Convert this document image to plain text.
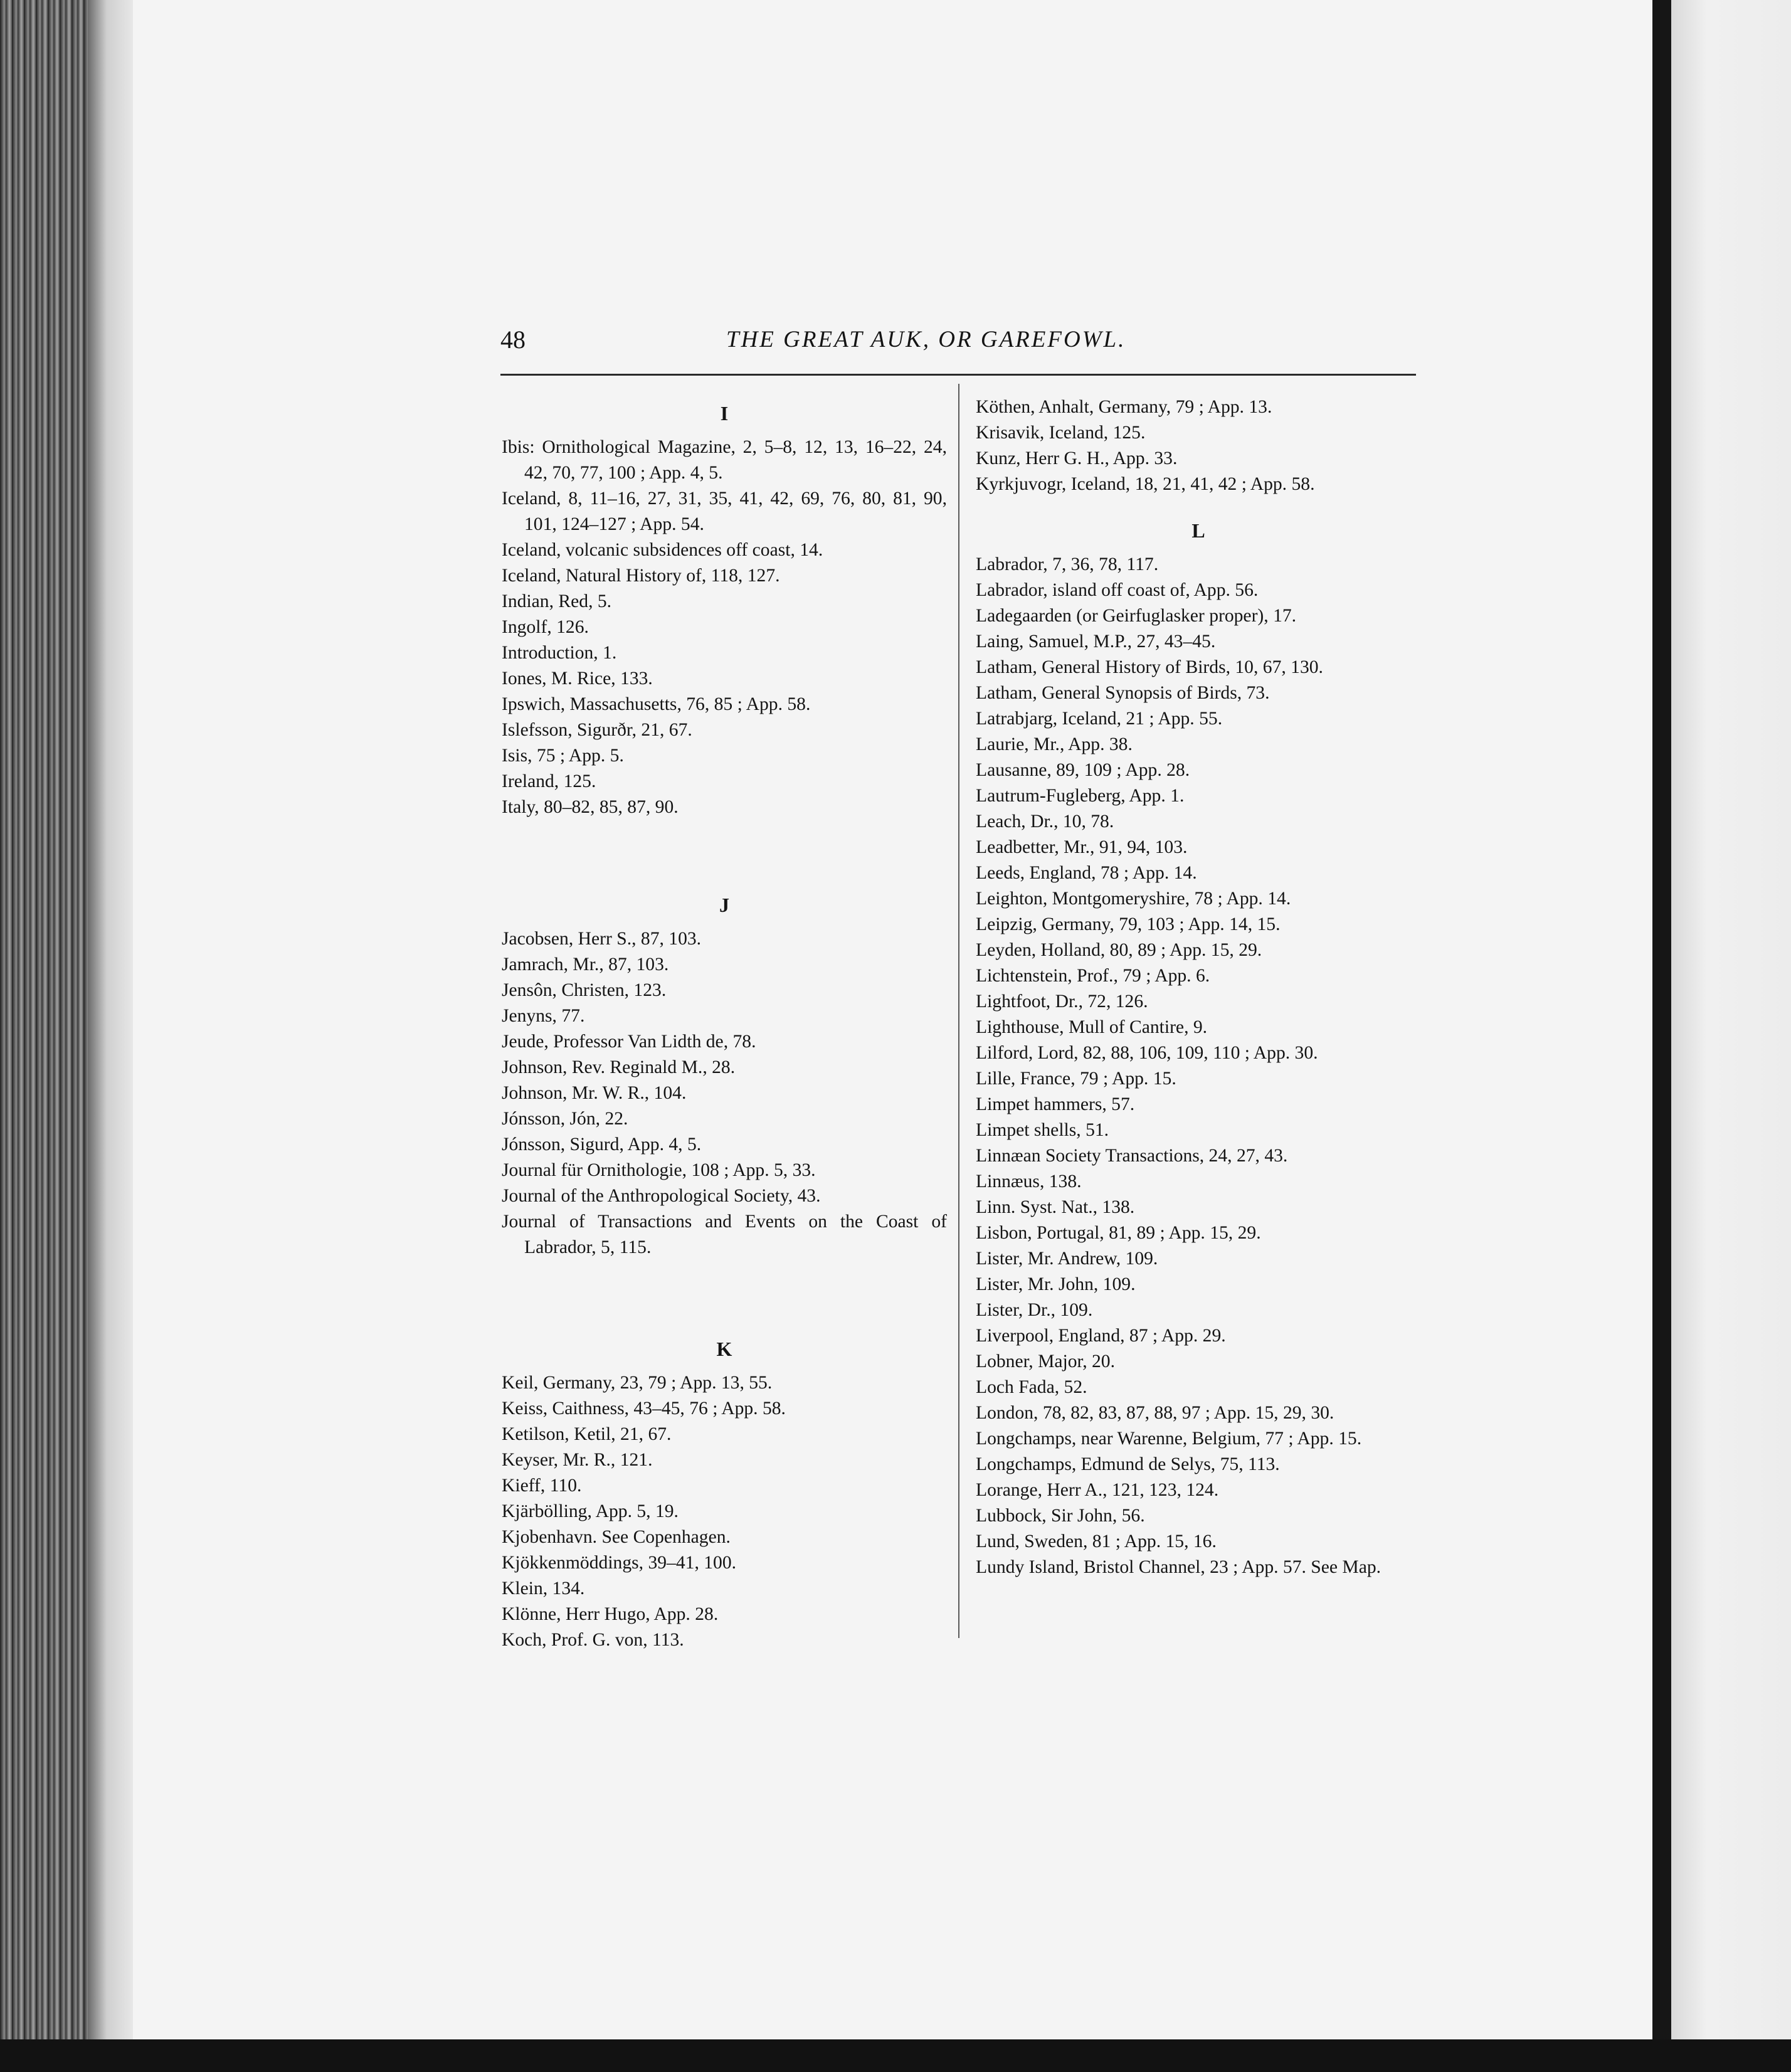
48	THE GREAT AUK, OR GAREFOWL.
I
Ibis: Ornithological Magazine, 2, 5–8, 12, 13, 16–22, 24, 42, 70, 77, 100 ; App. 4, 5.
Iceland, 8, 11–16, 27, 31, 35, 41, 42, 69, 76, 80, 81, 90, 101, 124–127 ; App. 54.
Iceland, volcanic subsidences off coast, 14.
Iceland, Natural History of, 118, 127.
Indian, Red, 5.
Ingolf, 126.
Introduction, 1.
Iones, M. Rice, 133.
Ipswich, Massachusetts, 76, 85 ; App. 58.
Islefsson, Sigurðr, 21, 67.
Isis, 75 ; App. 5.
Ireland, 125.
Italy, 80–82, 85, 87, 90.
J
Jacobsen, Herr S., 87, 103.
Jamrach, Mr., 87, 103.
Jensôn, Christen, 123.
Jenyns, 77.
Jeude, Professor Van Lidth de, 78.
Johnson, Rev. Reginald M., 28.
Johnson, Mr. W. R., 104.
Jónsson, Jón, 22.
Jónsson, Sigurd, App. 4, 5.
Journal für Ornithologie, 108 ; App. 5, 33.
Journal of the Anthropological Society, 43.
Journal of Transactions and Events on the Coast of Labrador, 5, 115.
K
Keil, Germany, 23, 79 ; App. 13, 55.
Keiss, Caithness, 43–45, 76 ; App. 58.
Ketilson, Ketil, 21, 67.
Keyser, Mr. R., 121.
Kieff, 110.
Kjärbölling, App. 5, 19.
Kjobenhavn. See Copenhagen.
Kjökkenmöddings, 39–41, 100.
Klein, 134.
Klönne, Herr Hugo, App. 28.
Koch, Prof. G. von, 113.
Köthen, Anhalt, Germany, 79 ; App. 13.
Krisavik, Iceland, 125.
Kunz, Herr G. H., App. 33.
Kyrkjuvogr, Iceland, 18, 21, 41, 42 ; App. 58.
L
Labrador, 7, 36, 78, 117.
Labrador, island off coast of, App. 56.
Ladegaarden (or Geirfuglasker proper), 17.
Laing, Samuel, M.P., 27, 43–45.
Latham, General History of Birds, 10, 67, 130.
Latham, General Synopsis of Birds, 73.
Latrabjarg, Iceland, 21 ; App. 55.
Laurie, Mr., App. 38.
Lausanne, 89, 109 ; App. 28.
Lautrum-Fugleberg, App. 1.
Leach, Dr., 10, 78.
Leadbetter, Mr., 91, 94, 103.
Leeds, England, 78 ; App. 14.
Leighton, Montgomeryshire, 78 ; App. 14.
Leipzig, Germany, 79, 103 ; App. 14, 15.
Leyden, Holland, 80, 89 ; App. 15, 29.
Lichtenstein, Prof., 79 ; App. 6.
Lightfoot, Dr., 72, 126.
Lighthouse, Mull of Cantire, 9.
Lilford, Lord, 82, 88, 106, 109, 110 ; App. 30.
Lille, France, 79 ; App. 15.
Limpet hammers, 57.
Limpet shells, 51.
Linnæan Society Transactions, 24, 27, 43.
Linnæus, 138.
Linn. Syst. Nat., 138.
Lisbon, Portugal, 81, 89 ; App. 15, 29.
Lister, Mr. Andrew, 109.
Lister, Mr. John, 109.
Lister, Dr., 109.
Liverpool, England, 87 ; App. 29.
Lobner, Major, 20.
Loch Fada, 52.
London, 78, 82, 83, 87, 88, 97 ; App. 15, 29, 30.
Longchamps, near Warenne, Belgium, 77 ; App. 15.
Longchamps, Edmund de Selys, 75, 113.
Lorange, Herr A., 121, 123, 124.
Lubbock, Sir John, 56.
Lund, Sweden, 81 ; App. 15, 16.
Lundy Island, Bristol Channel, 23 ; App. 57. See Map.
